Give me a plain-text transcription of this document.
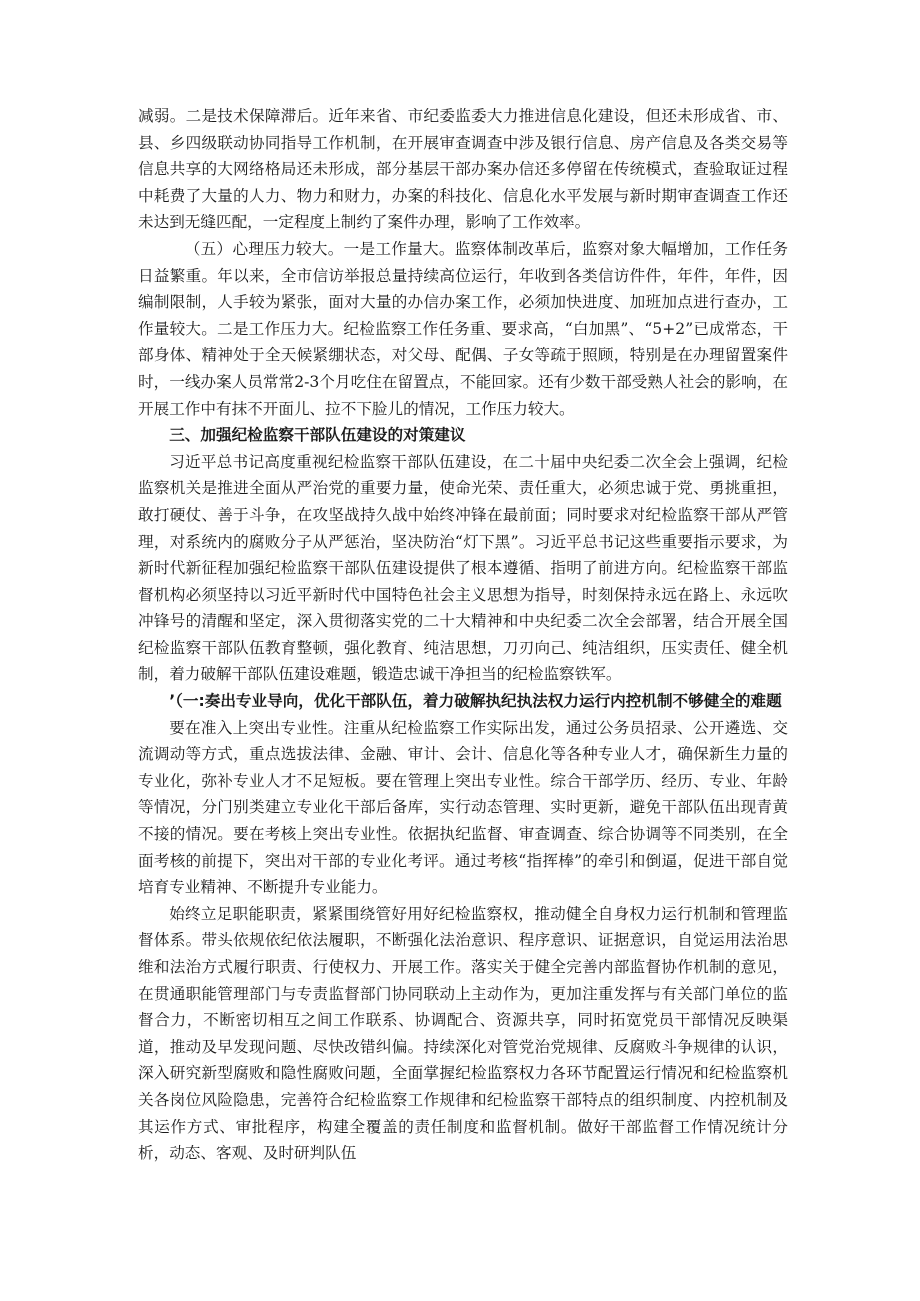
减弱。二是技术保障滞后。近年来省、市纪委监委大力推进信息化建设，但还未形成省、市、县、乡四级联动协同指导工作机制，在开展审查调查中涉及银行信息、房产信息及各类交易等信息共享的大网络格局还未形成，部分基层干部办案办信还多停留在传统模式，查验取证过程中耗费了大量的人力、物力和财力，办案的科技化、信息化水平发展与新时期审查调查工作还未达到无缝匹配，一定程度上制约了案件办理，影响了工作效率。

（五）心理压力较大。一是工作量大。监察体制改革后，监察对象大幅增加，工作任务日益繁重。年以来，全市信访举报总量持续高位运行，年收到各类信访件件，年件，年件，因编制限制，人手较为紧张，面对大量的办信办案工作，必须加快进度、加班加点进行查办，工作量较大。二是工作压力大。纪检监察工作任务重、要求高，“白加黑”、“5+2”已成常态，干部身体、精神处于全天候紧绷状态，对父母、配偶、子女等疏于照顾，特别是在办理留置案件时，一线办案人员常常2-3个月吃住在留置点，不能回家。还有少数干部受熟人社会的影响，在开展工作中有抹不开面儿、拉不下脸儿的情况，工作压力较大。

三、加强纪检监察干部队伍建设的对策建议

习近平总书记高度重视纪检监察干部队伍建设，在二十届中央纪委二次全会上强调，纪检监察机关是推进全面从严治党的重要力量，使命光荣、责任重大，必须忠诚于党、勇挑重担，敢打硬仗、善于斗争，在攻坚战持久战中始终冲锋在最前面；同时要求对纪检监察干部从严管理，对系统内的腐败分子从严惩治，坚决防治“灯下黑”。习近平总书记这些重要指示要求，为新时代新征程加强纪检监察干部队伍建设提供了根本遵循、指明了前进方向。纪检监察干部监督机构必须坚持以习近平新时代中国特色社会主义思想为指导，时刻保持永远在路上、永远吹冲锋号的清醒和坚定，深入贯彻落实党的二十大精神和中央纪委二次全会部署，结合开展全国纪检监察干部队伍教育整顿，强化教育、纯洁思想，刀刃向己、纯洁组织，压实责任、健全机制，着力破解干部队伍建设难题，锻造忠诚干净担当的纪检监察铁军。

’（一:奏出专业导向，优化干部队伍，着力破解执纪执法权力运行内控机制不够健全的难题

要在准入上突出专业性。注重从纪检监察工作实际出发，通过公务员招录、公开遴选、交流调动等方式，重点选拔法律、金融、审计、会计、信息化等各种专业人才，确保新生力量的专业化，弥补专业人才不足短板。要在管理上突出专业性。综合干部学历、经历、专业、年龄等情况，分门别类建立专业化干部后备库，实行动态管理、实时更新，避免干部队伍出现青黄不接的情况。要在考核上突出专业性。依据执纪监督、审查调查、综合协调等不同类别，在全面考核的前提下，突出对干部的专业化考评。通过考核“指挥棒”的牵引和倒逼，促进干部自觉培育专业精神、不断提升专业能力。

始终立足职能职责，紧紧围绕管好用好纪检监察权，推动健全自身权力运行机制和管理监督体系。带头依规依纪依法履职，不断强化法治意识、程序意识、证据意识，自觉运用法治思维和法治方式履行职责、行使权力、开展工作。落实关于健全完善内部监督协作机制的意见，在贯通职能管理部门与专责监督部门协同联动上主动作为，更加注重发挥与有关部门单位的监督合力，不断密切相互之间工作联系、协调配合、资源共享，同时拓宽党员干部情况反映渠道，推动及早发现问题、尽快改错纠偏。持续深化对管党治党规律、反腐败斗争规律的认识，深入研究新型腐败和隐性腐败问题，全面掌握纪检监察权力各环节配置运行情况和纪检监察机关各岗位风险隐患，完善符合纪检监察工作规律和纪检监察干部特点的组织制度、内控机制及其运作方式、审批程序，构建全覆盖的责任制度和监督机制。做好干部监督工作情况统计分析，动态、客观、及时研判队伍
